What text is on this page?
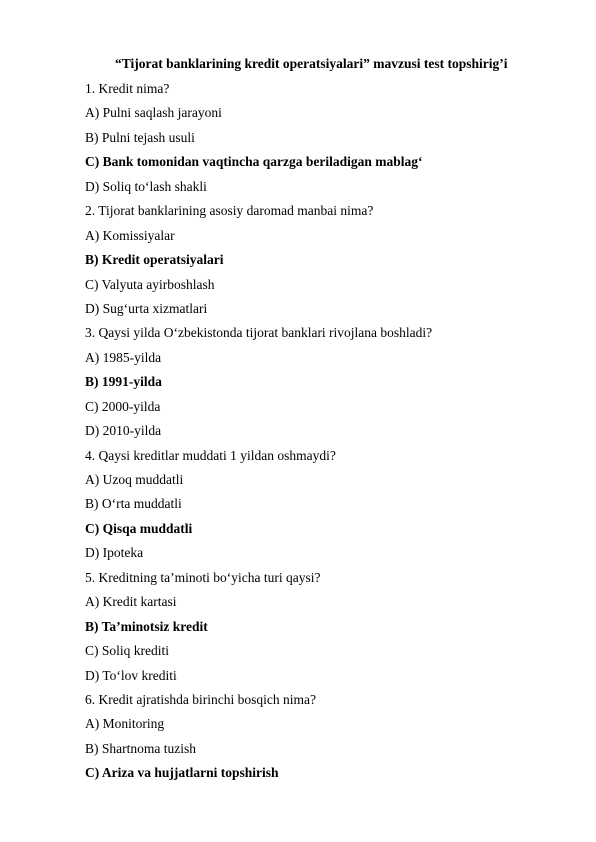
“Tijorat banklarining kredit operatsiyalari” mavzusi test topshirig’i
1. Kredit nima?
A) Pulni saqlash jarayoni
B) Pulni tejash usuli
C) Bank tomonidan vaqtincha qarzga beriladigan mablag‘
D) Soliq to‘lash shakli
2. Tijorat banklarining asosiy daromad manbai nima?
A) Komissiyalar
B) Kredit operatsiyalari
C) Valyuta ayirboshlash
D) Sug‘urta xizmatlari
3. Qaysi yilda O‘zbekistonda tijorat banklari rivojlana boshladi?
A) 1985-yilda
B) 1991-yilda
C) 2000-yilda
D) 2010-yilda
4. Qaysi kreditlar muddati 1 yildan oshmaydi?
A) Uzoq muddatli
B) O‘rta muddatli
C) Qisqa muddatli
D) Ipoteka
5. Kreditning ta’minoti bo‘yicha turi qaysi?
A) Kredit kartasi
B) Ta’minotsiz kredit
C) Soliq krediti
D) To‘lov krediti
6. Kredit ajratishda birinchi bosqich nima?
A) Monitoring
B) Shartnoma tuzish
C) Ariza va hujjatlarni topshirish
